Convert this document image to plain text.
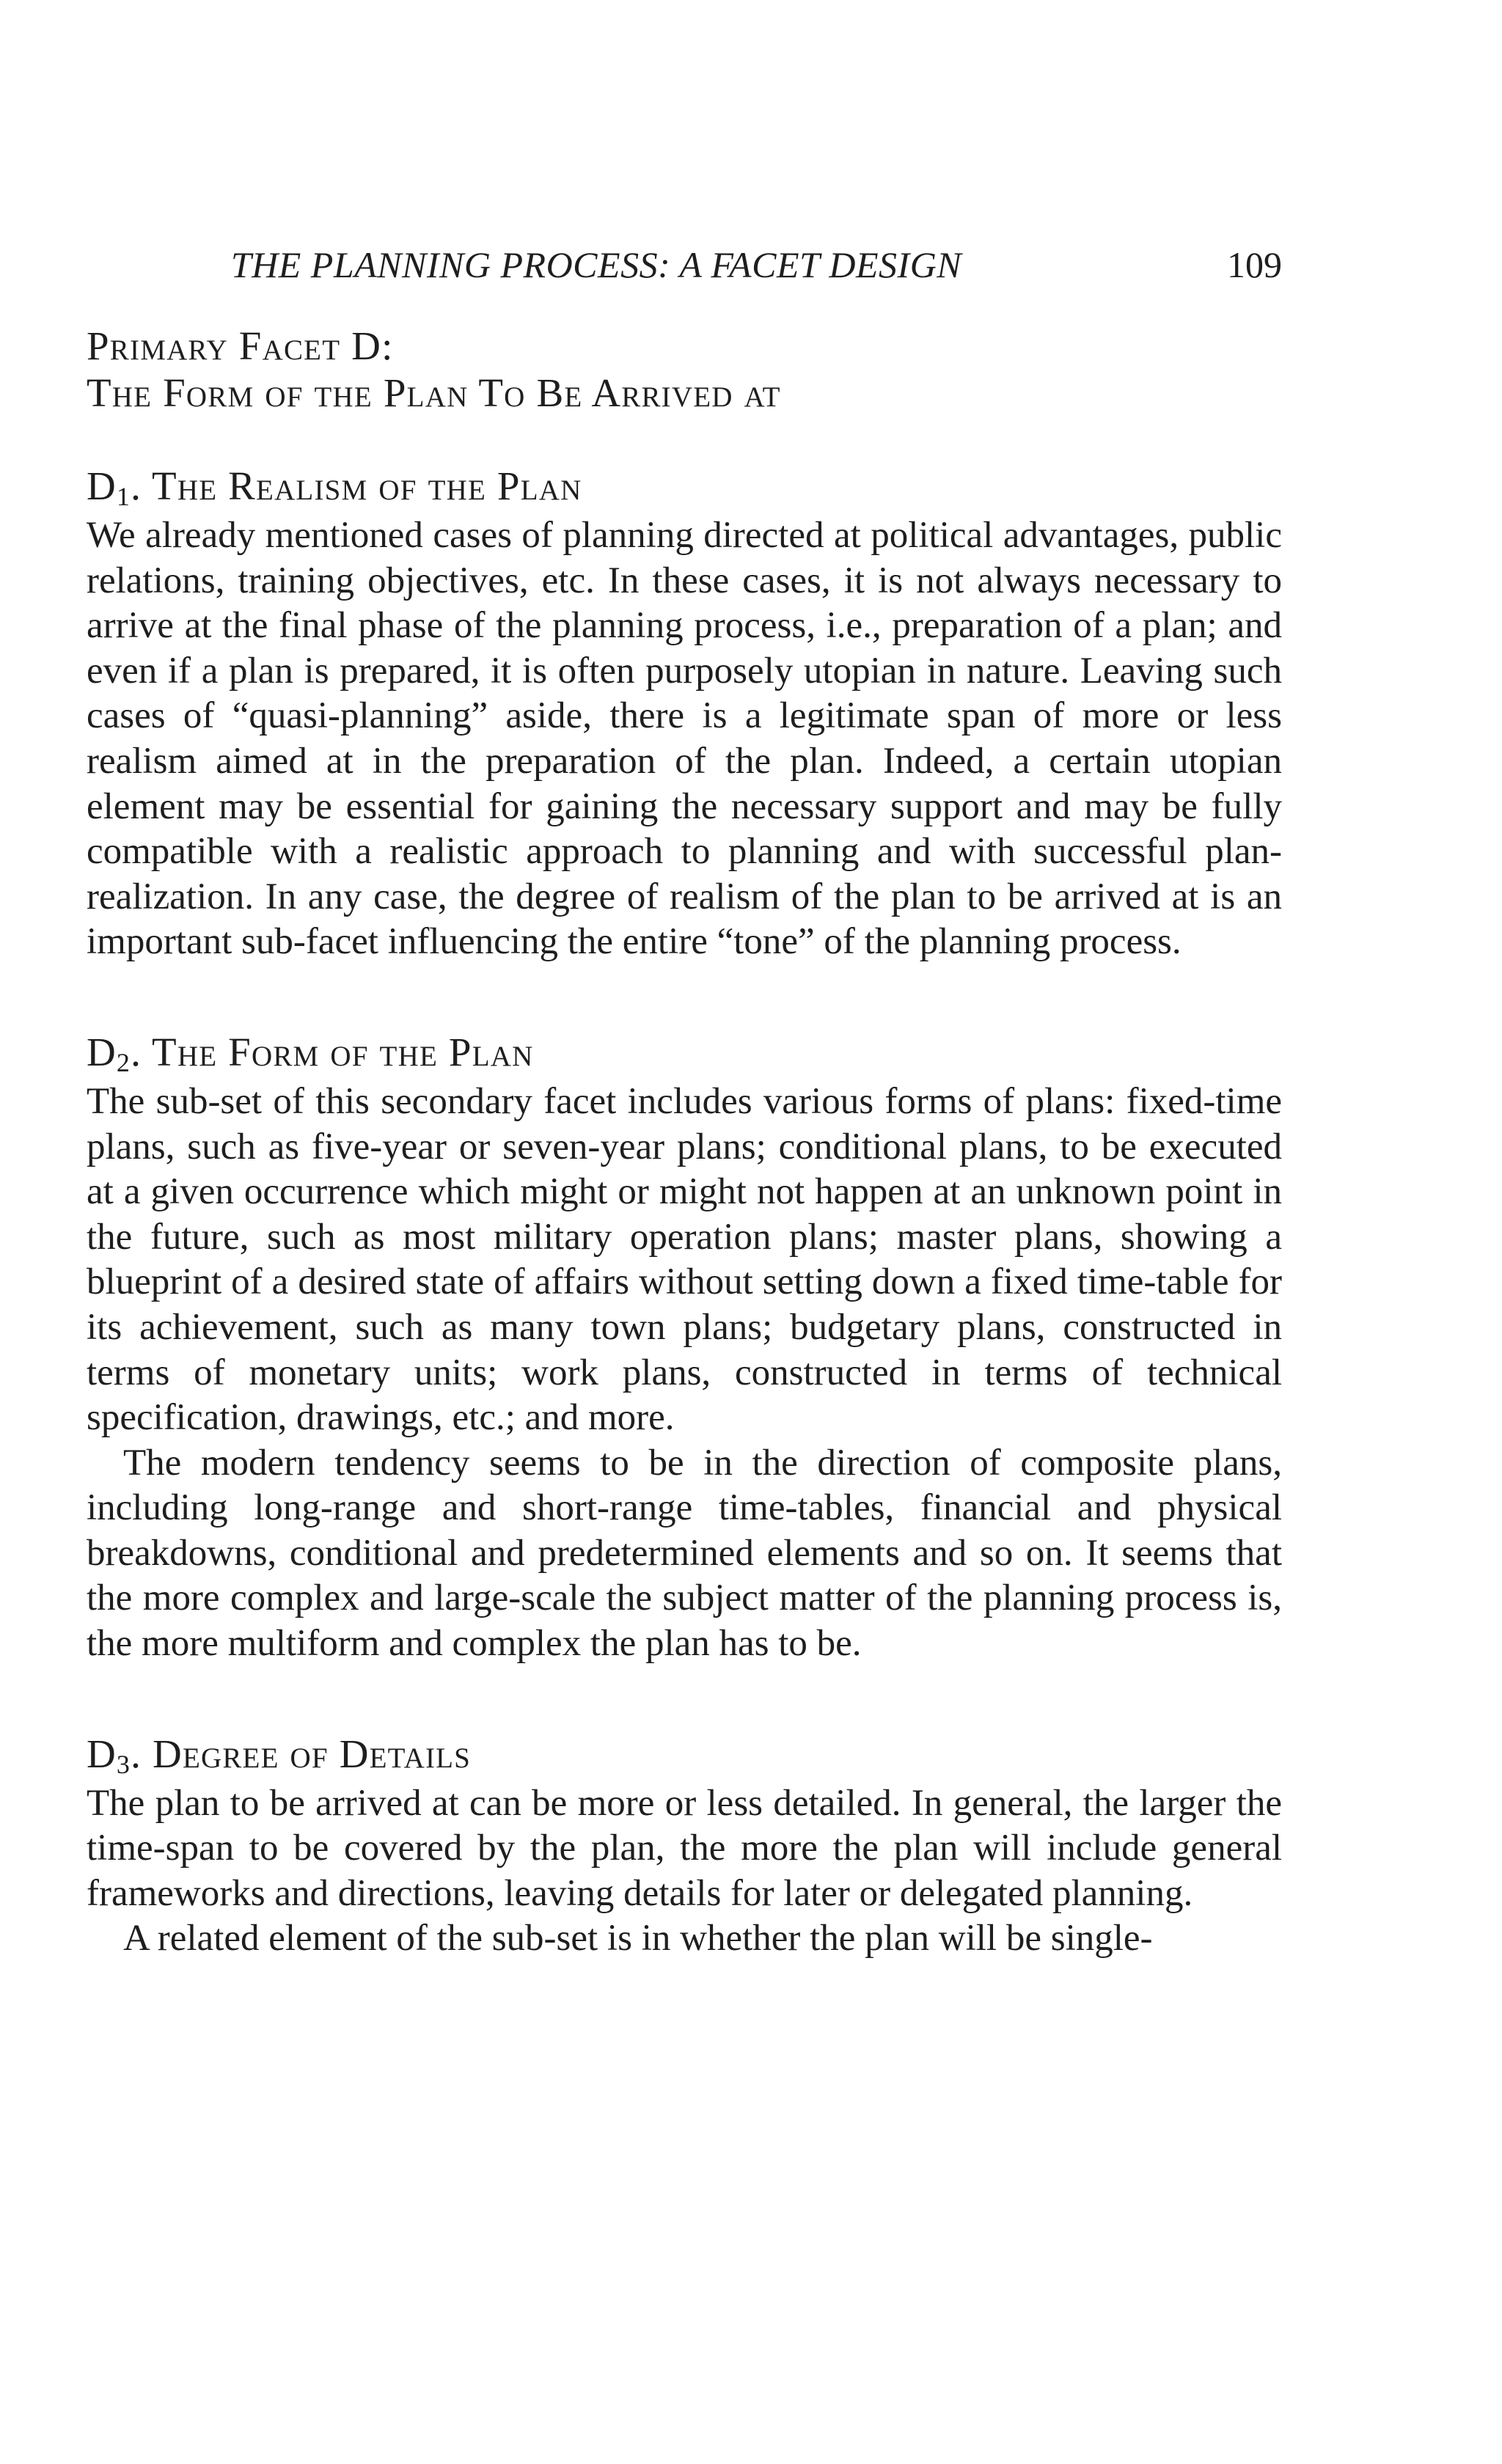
THE PLANNING PROCESS: A FACET DESIGN	109
Primary Facet D:
The Form of the Plan To Be Arrived at
$D_1$. The Realism of the Plan

We already mentioned cases of planning directed at political advantages, public relations, training objectives, etc. In these cases, it is not always necessary to arrive at the final phase of the planning process, i.e., preparation of a plan; and even if a plan is prepared, it is often purposely utopian in nature. Leaving such cases of “quasi-planning” aside, there is a legitimate span of more or less realism aimed at in the preparation of the plan. Indeed, a certain utopian element may be essential for gaining the necessary support and may be fully compatible with a realistic approach to planning and with successful plan-realization. In any case, the degree of realism of the plan to be arrived at is an important sub-facet influencing the entire “tone” of the planning process.

$D_2$. The Form of the Plan

The sub-set of this secondary facet includes various forms of plans: fixed-time plans, such as five-year or seven-year plans; conditional plans, to be executed at a given occurrence which might or might not happen at an unknown point in the future, such as most military operation plans; master plans, showing a blueprint of a desired state of affairs without setting down a fixed time-table for its achievement, such as many town plans; budgetary plans, constructed in terms of monetary units; work plans, constructed in terms of technical specification, drawings, etc.; and more.

The modern tendency seems to be in the direction of composite plans, including long-range and short-range time-tables, financial and physical breakdowns, conditional and predetermined elements and so on. It seems that the more complex and large-scale the subject matter of the planning process is, the more multiform and complex the plan has to be.

$D_3$. Degree of Details

The plan to be arrived at can be more or less detailed. In general, the larger the time-span to be covered by the plan, the more the plan will include general frameworks and directions, leaving details for later or delegated planning.

A related element of the sub-set is in whether the plan will be single-
